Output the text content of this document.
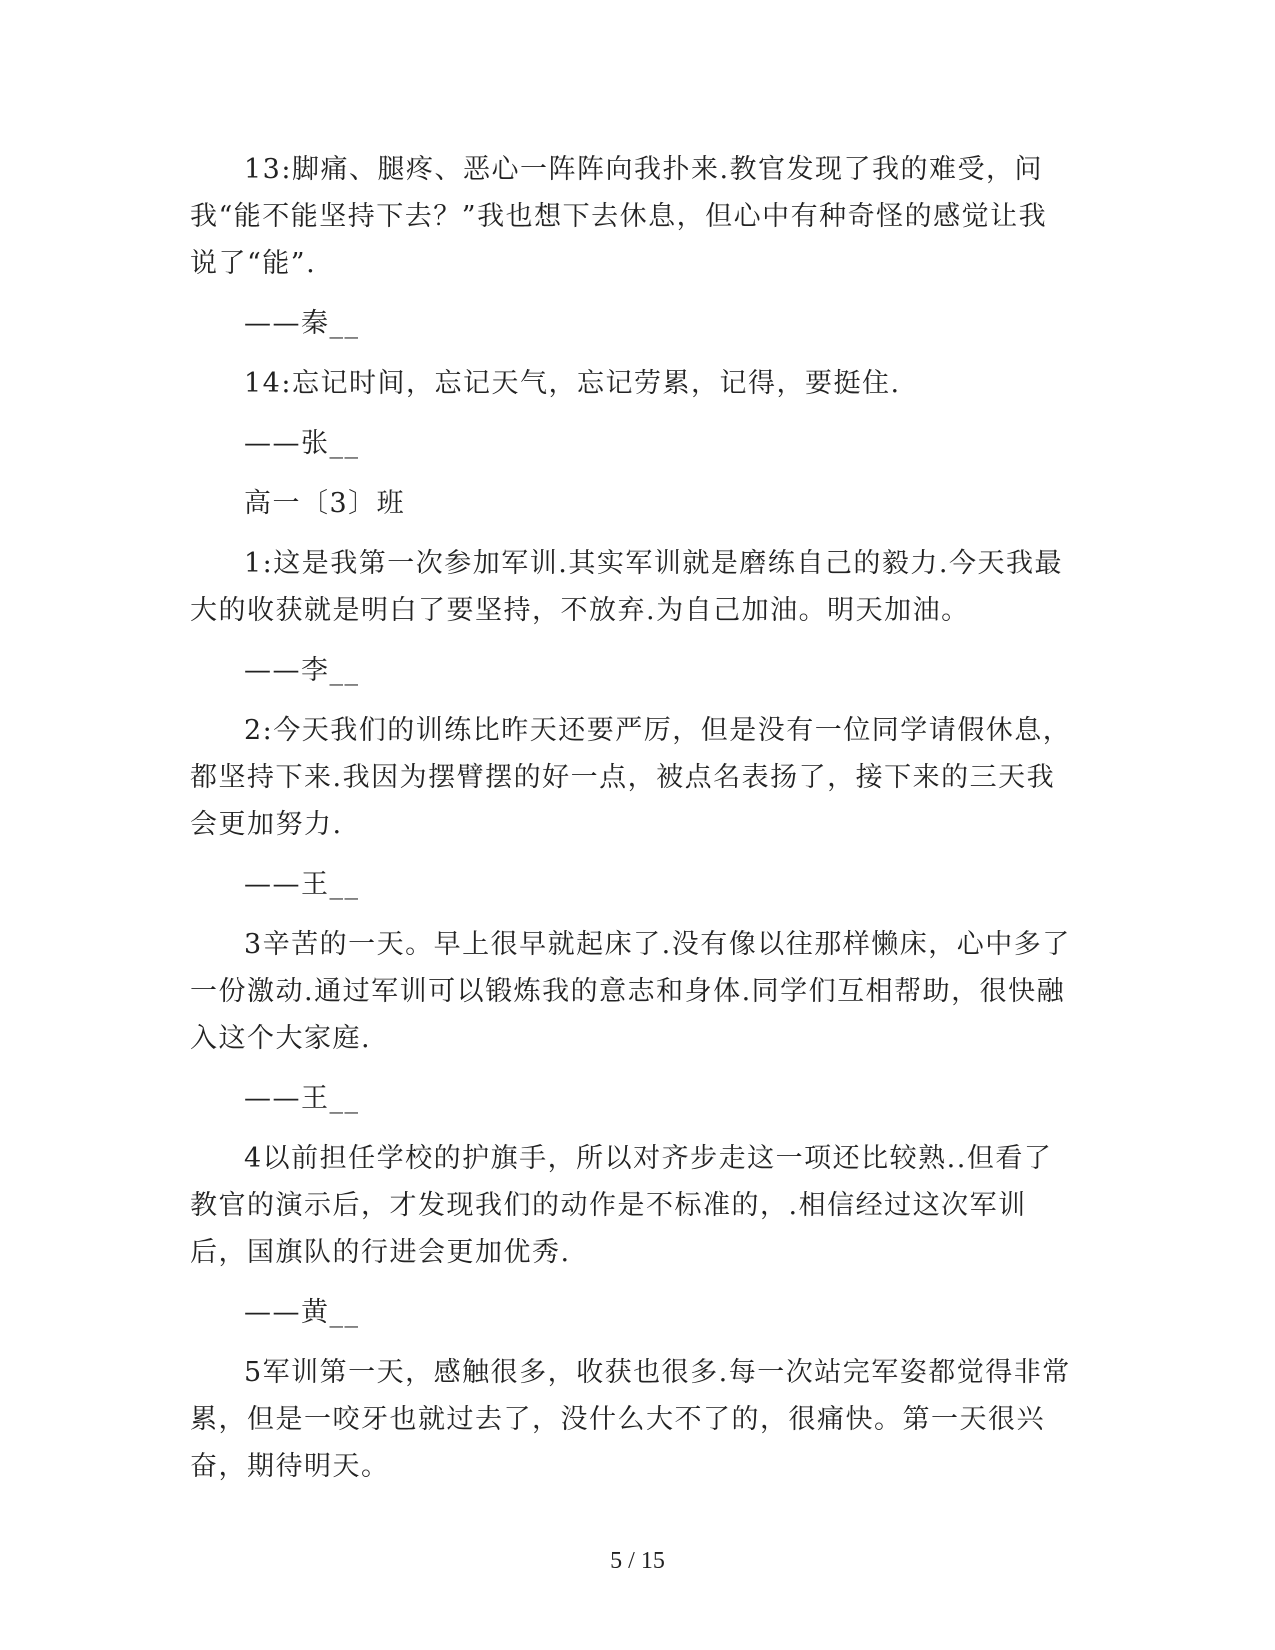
13:脚痛、腿疼、恶心一阵阵向我扑来.教官发现了我的难受，问我“能不能坚持下去？”我也想下去休息，但心中有种奇怪的感觉让我说了“能”.

——秦__

14:忘记时间，忘记天气，忘记劳累，记得，要挺住.

——张__

高一〔3〕班

1:这是我第一次参加军训.其实军训就是磨练自己的毅力.今天我最大的收获就是明白了要坚持，不放弃.为自己加油。明天加油。

——李__

2:今天我们的训练比昨天还要严厉，但是没有一位同学请假休息，都坚持下来.我因为摆臂摆的好一点，被点名表扬了，接下来的三天我会更加努力.

——王__

3辛苦的一天。早上很早就起床了.没有像以往那样懒床，心中多了一份激动.通过军训可以锻炼我的意志和身体.同学们互相帮助，很快融入这个大家庭.

——王__

4以前担任学校的护旗手，所以对齐步走这一项还比较熟..但看了教官的演示后，才发现我们的动作是不标准的，.相信经过这次军训后，国旗队的行进会更加优秀.

——黄__

5军训第一天，感触很多，收获也很多.每一次站完军姿都觉得非常累，但是一咬牙也就过去了，没什么大不了的，很痛快。第一天很兴奋，期待明天。

5 / 15
